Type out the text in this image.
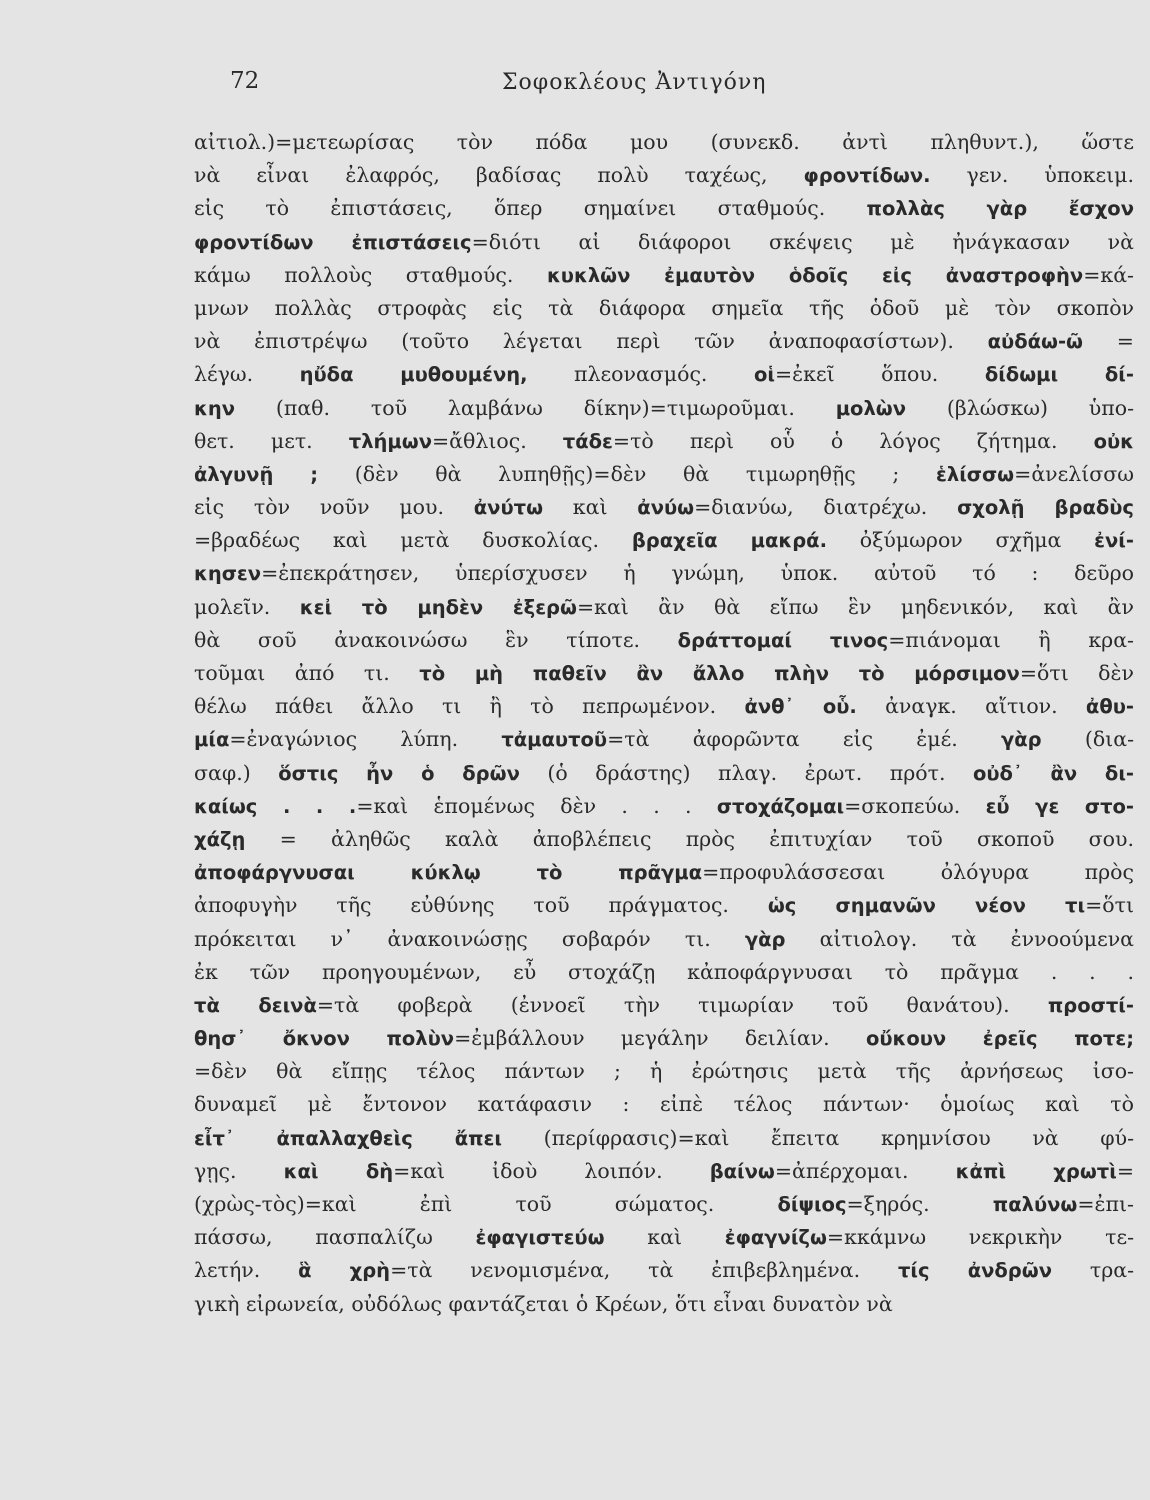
72	Σοφοκλέους Ἀντιγόνη
αἰτιολ.)=μετεωρίσας τὸν πόδα μου (συνεκδ. ἀντὶ πληθυντ.), ὥστε
νὰ εἶναι ἐλαφρός, βαδίσας πολὺ ταχέως, φροντίδων. γεν. ὑποκειμ.
εἰς τὸ ἐπιστάσεις, ὅπερ σημαίνει σταθμούς. πολλὰς γὰρ ἔσχον
φροντίδων ἐπιστάσεις=διότι αἱ διάφοροι σκέψεις μὲ ἠνάγκασαν νὰ
κάμω πολλοὺς σταθμούς. κυκλῶν ἐμαυτὸν ὁδοῖς εἰς ἀναστροφὴν=κά-
μνων πολλὰς στροφὰς εἰς τὰ διάφορα σημεῖα τῆς ὁδοῦ μὲ τὸν σκοπὸν
νὰ ἐπιστρέψω (τοῦτο λέγεται περὶ τῶν ἀναποφασίστων). αὐδάω-ῶ =
λέγω. ηὔδα μυθουμένη, πλεονασμός. οἱ=ἐκεῖ ὅπου. δίδωμι δί-
κην (παθ. τοῦ λαμβάνω δίκην)=τιμωροῦμαι. μολὼν (βλώσκω) ὑπο-
θετ. μετ. τλήμων=ἄθλιος. τάδε=τὸ περὶ οὗ ὁ λόγος ζήτημα. οὐκ
ἀλγυνῇ ; (δὲν θὰ λυπηθῇς)=δὲν θὰ τιμωρηθῇς ; ἑλίσσω=ἀνελίσσω
εἰς τὸν νοῦν μου. ἀνύτω καὶ ἀνύω=διανύω, διατρέχω. σχολῇ βραδὺς
=βραδέως καὶ μετὰ δυσκολίας. βραχεῖα μακρά. ὀξύμωρον σχῆμα ἐνί-
κησεν=ἐπεκράτησεν, ὑπερίσχυσεν ἡ γνώμη, ὑποκ. αὐτοῦ τό : δεῦρο
μολεῖν. κεἰ τὸ μηδὲν ἐξερῶ=καὶ ἂν θὰ εἴπω ἓν μηδενικόν, καὶ ἂν
θὰ σοῦ ἀνακοινώσω ἓν τίποτε. δράττομαί τινος=πιάνομαι ἢ κρα-
τοῦμαι ἀπό τι. τὸ μὴ παθεῖν ἂν ἄλλο πλὴν τὸ μόρσιμον=ὅτι δὲν
θέλω πάθει ἄλλο τι ἢ τὸ πεπρωμένον. ἀνθ᾿ οὗ. ἀναγκ. αἴτιον. ἀθυ-
μία=ἐναγώνιος λύπη. τἀμαυτοῦ=τὰ ἀφορῶντα εἰς ἐμέ. γὰρ (δια-
σαφ.) ὅστις ἦν ὁ δρῶν (ὁ δράστης) πλαγ. ἐρωτ. πρότ. οὐδ᾿ ἂν δι-
καίως . . .=καὶ ἑπομένως δὲν . . . στοχάζομαι=σκοπεύω. εὖ γε στο-
χάζῃ = ἀληθῶς καλὰ ἀποβλέπεις πρὸς ἐπιτυχίαν τοῦ σκοποῦ σου.
ἀποφάργνυσαι κύκλῳ τὸ πρᾶγμα=προφυλάσσεσαι ὀλόγυρα πρὸς
ἀποφυγὴν τῆς εὐθύνης τοῦ πράγματος. ὡς σημανῶν νέον τι=ὅτι
πρόκειται ν᾿ ἀνακοινώσῃς σοβαρόν τι. γὰρ αἰτιολογ. τὰ ἐννοούμενα
ἐκ τῶν προηγουμένων, εὖ στοχάζῃ κἀποφάργνυσαι τὸ πρᾶγμα . . .
τὰ δεινὰ=τὰ φοβερὰ (ἐννοεῖ τὴν τιμωρίαν τοῦ θανάτου). προστί-
θησ᾿ ὄκνον πολὺν=ἐμβάλλουν μεγάλην δειλίαν. οὔκουν ἐρεῖς ποτε;
=δὲν θὰ εἴπῃς τέλος πάντων ; ἡ ἐρώτησις μετὰ τῆς ἀρνήσεως ἰσο-
δυναμεῖ μὲ ἔντονον κατάφασιν : εἰπὲ τέλος πάντων· ὁμοίως καὶ τὸ
εἶτ᾿ ἀπαλλαχθεὶς ἄπει (περίφρασις)=καὶ ἔπειτα κρημνίσου νὰ φύ-
γῃς. καὶ δὴ=καὶ ἰδοὺ λοιπόν. βαίνω=ἀπέρχομαι. κἀπὶ χρωτὶ=
(χρὼς-τὸς)=καὶ ἐπὶ τοῦ σώματος. δίψιος=ξηρός. παλύνω=ἐπι-
πάσσω, πασπαλίζω ἐφαγιστεύω καὶ ἐφαγνίζω=κκάμνω νεκρικὴν τε-
λετήν. ἃ χρὴ=τὰ νενομισμένα, τὰ ἐπιβεβλημένα. τίς ἀνδρῶν τρα-
γικὴ εἰρωνεία, οὐδόλως φαντάζεται ὁ Κρέων, ὅτι εἶναι δυνατὸν νὰ
